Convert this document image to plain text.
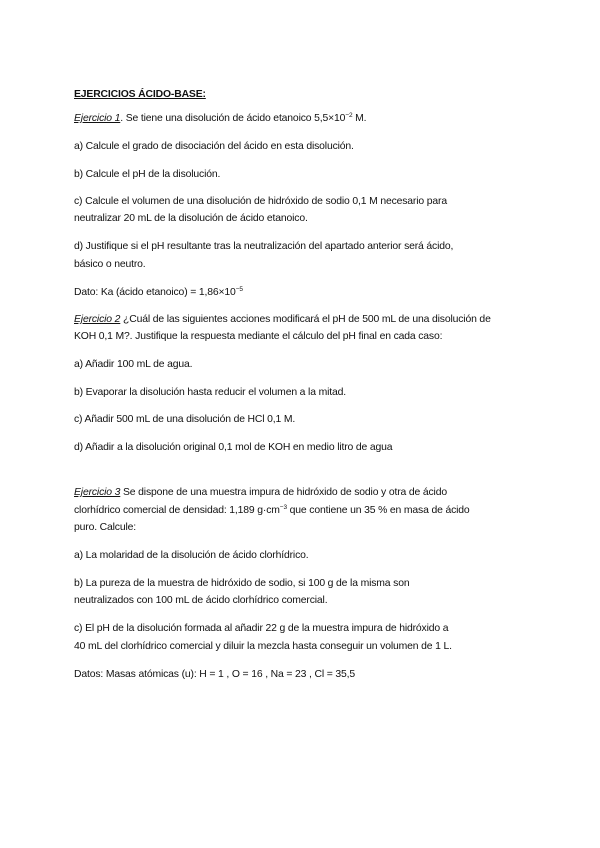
EJERCICIOS ÁCIDO-BASE:

Ejercicio 1. Se tiene una disolución de ácido etanoico $5,5\times 10^{-2}$ M.

a) Calcule el grado de disociación del ácido en esta disolución.

b) Calcule el pH de la disolución.

c) Calcule el volumen de una disolución de hidróxido de sodio 0,1 M necesario para

neutralizar 20 mL de la disolución de ácido etanoico.

d) Justifique si el pH resultante tras la neutralización del apartado anterior será ácido,

básico o neutro.

Dato: Ka (ácido etanoico) = $1,86\times 10^{-5}$

Ejercicio 2 ¿Cuál de las siguientes acciones modificará el pH de 500 mL de una disolución de

KOH 0,1 M?. Justifique la respuesta mediante el cálculo del pH final en cada caso:

a) Añadir 100 mL de agua.

b) Evaporar la disolución hasta reducir el volumen a la mitad.

c) Añadir 500 mL de una disolución de HCl 0,1 M.

d) Añadir a la disolución original 0,1 mol de KOH en medio litro de agua

Ejercicio 3 Se dispone de una muestra impura de hidróxido de sodio y otra de ácido

clorhídrico comercial de densidad: 1,189 $g\cdot cm^{-3}$ que contiene un 35 % en masa de ácido

puro. Calcule:

a) La molaridad de la disolución de ácido clorhídrico.

b) La pureza de la muestra de hidróxido de sodio, si 100 g de la misma son

neutralizados con 100 mL de ácido clorhídrico comercial.

c) El pH de la disolución formada al añadir 22 g de la muestra impura de hidróxido a

40 mL del clorhídrico comercial y diluir la mezcla hasta conseguir un volumen de 1 L.

Datos: Masas atómicas (u): H = 1 , O = 16 , Na = 23 , Cl = 35,5
